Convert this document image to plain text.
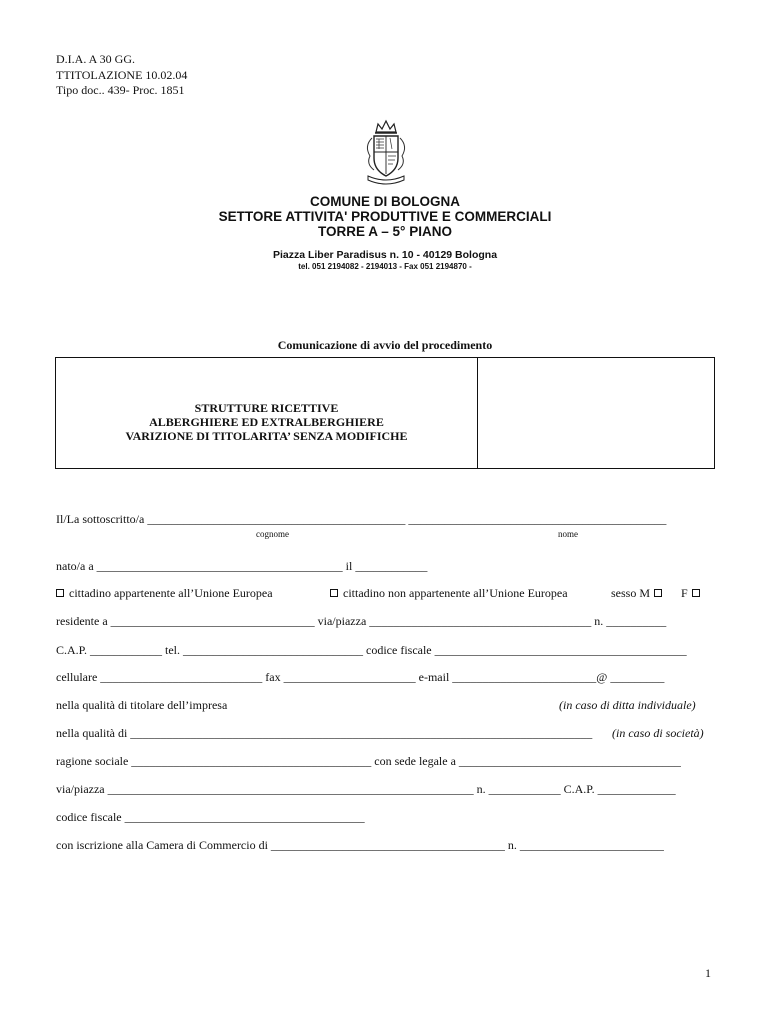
D.I.A. A 30 GG.
TTITOLAZIONE 10.02.04
Tipo doc.. 439- Proc. 1851
COMUNE DI BOLOGNA
SETTORE ATTIVITA' PRODUTTIVE E COMMERCIALI
TORRE A – 5° PIANO
Piazza Liber Paradisus n. 10 - 40129 Bologna
tel. 051 2194082 - 2194013 - Fax 051 2194870 -
Comunicazione di avvio del procedimento
STRUTTURE RICETTIVE
ALBERGHIERE ED EXTRALBERGHIERE
VARIZIONE DI TITOLARITA’ SENZA MODIFICHE
Il/La sottoscritto/a ___________________________________________ ___________________________________________
cognome	nome
nato/a a _________________________________________ il ____________
cittadino appartenente all’Unione Europea	cittadino non appartenente all’Unione Europea	sesso M	F
residente a __________________________________ via/piazza _____________________________________ n. __________
C.A.P. ____________ tel. ______________________________ codice fiscale __________________________________________
cellulare ___________________________ fax ______________________ e-mail ________________________@ _________
nella qualità di titolare dell’impresa	(in caso di ditta individuale)
nella qualità di _____________________________________________________________________________ (in caso di società)
ragione sociale ________________________________________ con sede legale a _____________________________________
via/piazza _____________________________________________________________ n. ____________ C.A.P. _____________
codice fiscale ________________________________________
con iscrizione alla Camera di Commercio di _______________________________________ n. ________________________
1
